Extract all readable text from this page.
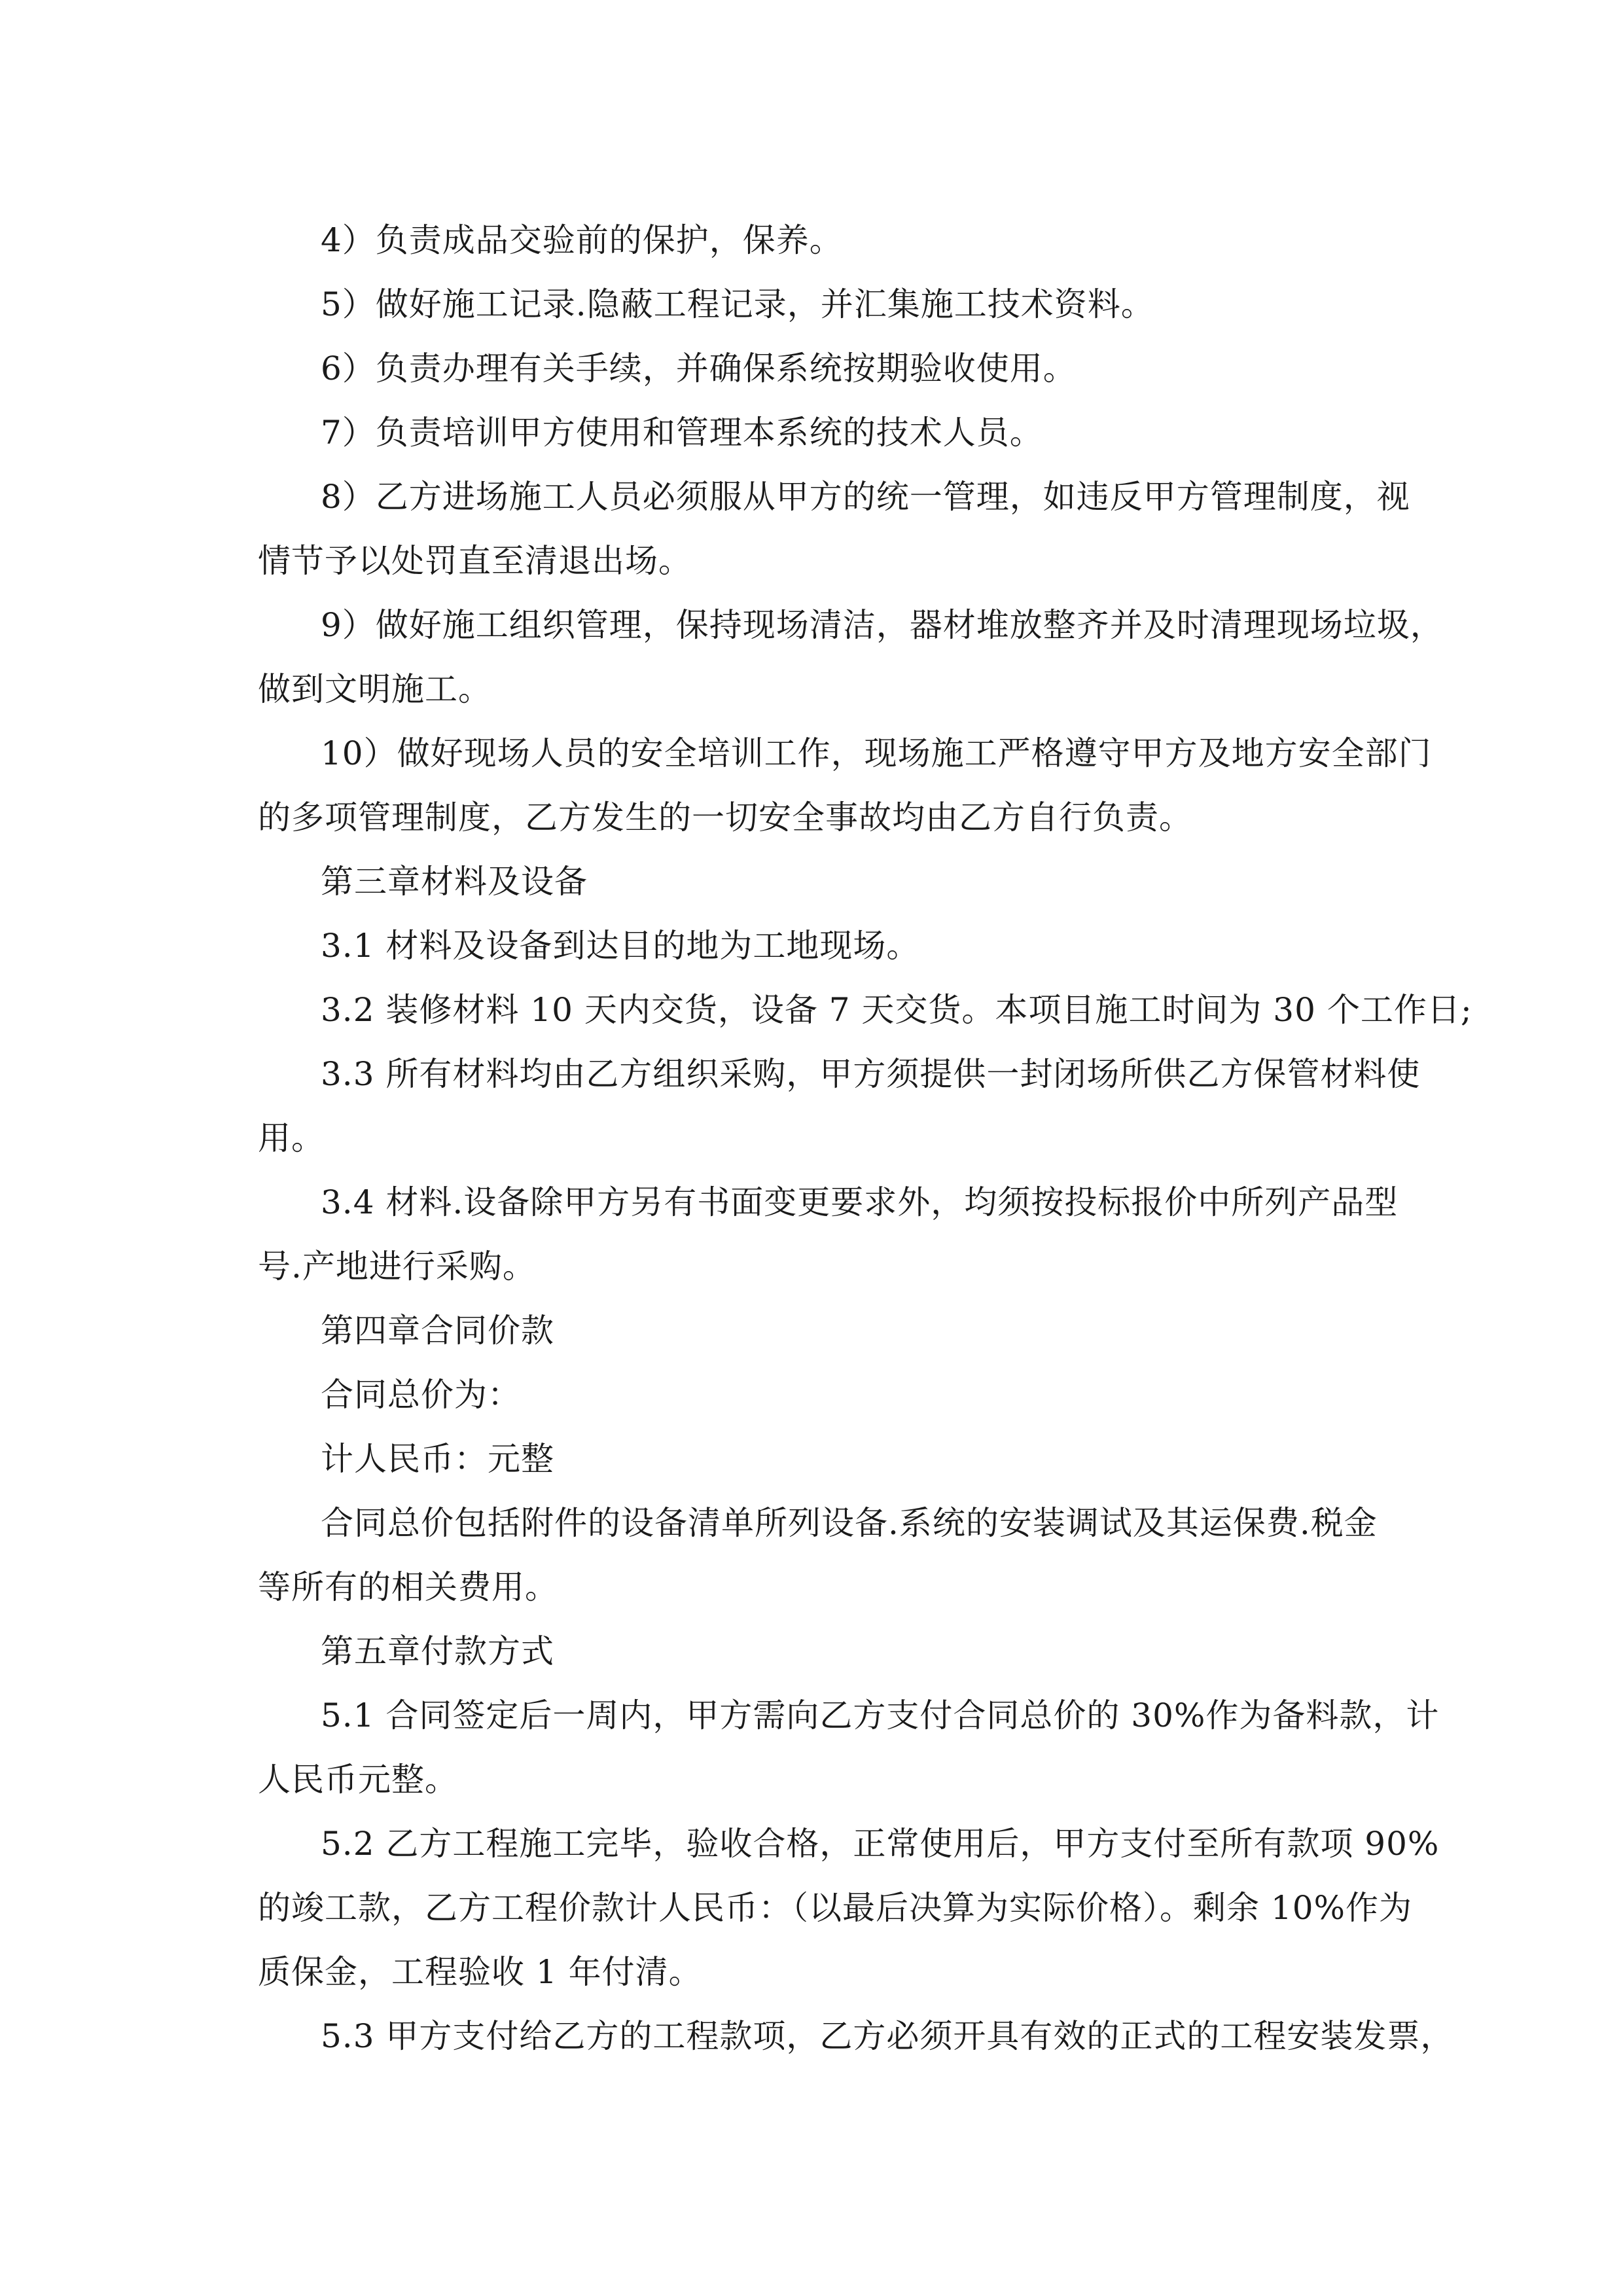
4）负责成品交验前的保护，保养。

5）做好施工记录.隐蔽工程记录，并汇集施工技术资料。

6）负责办理有关手续，并确保系统按期验收使用。

7）负责培训甲方使用和管理本系统的技术人员。

8）乙方进场施工人员必须服从甲方的统一管理，如违反甲方管理制度，视
情节予以处罚直至清退出场。

9）做好施工组织管理，保持现场清洁，器材堆放整齐并及时清理现场垃圾，
做到文明施工。

10）做好现场人员的安全培训工作，现场施工严格遵守甲方及地方安全部门
的多项管理制度，乙方发生的一切安全事故均由乙方自行负责。

第三章材料及设备

3.1 材料及设备到达目的地为工地现场。

3.2 装修材料 10 天内交货，设备 7 天交货。本项目施工时间为 30 个工作日;

3.3 所有材料均由乙方组织采购，甲方须提供一封闭场所供乙方保管材料使
用。

3.4 材料.设备除甲方另有书面变更要求外，均须按投标报价中所列产品型
号.产地进行采购。

第四章合同价款

合同总价为：

计人民币：元整

合同总价包括附件的设备清单所列设备.系统的安装调试及其运保费.税金
等所有的相关费用。

第五章付款方式

5.1 合同签定后一周内，甲方需向乙方支付合同总价的 30%作为备料款，计
人民币元整。

5.2 乙方工程施工完毕，验收合格，正常使用后，甲方支付至所有款项 90%
的竣工款，乙方工程价款计人民币：（以最后决算为实际价格）。剩余 10%作为
质保金，工程验收 1 年付清。

5.3 甲方支付给乙方的工程款项，乙方必须开具有效的正式的工程安装发票，
